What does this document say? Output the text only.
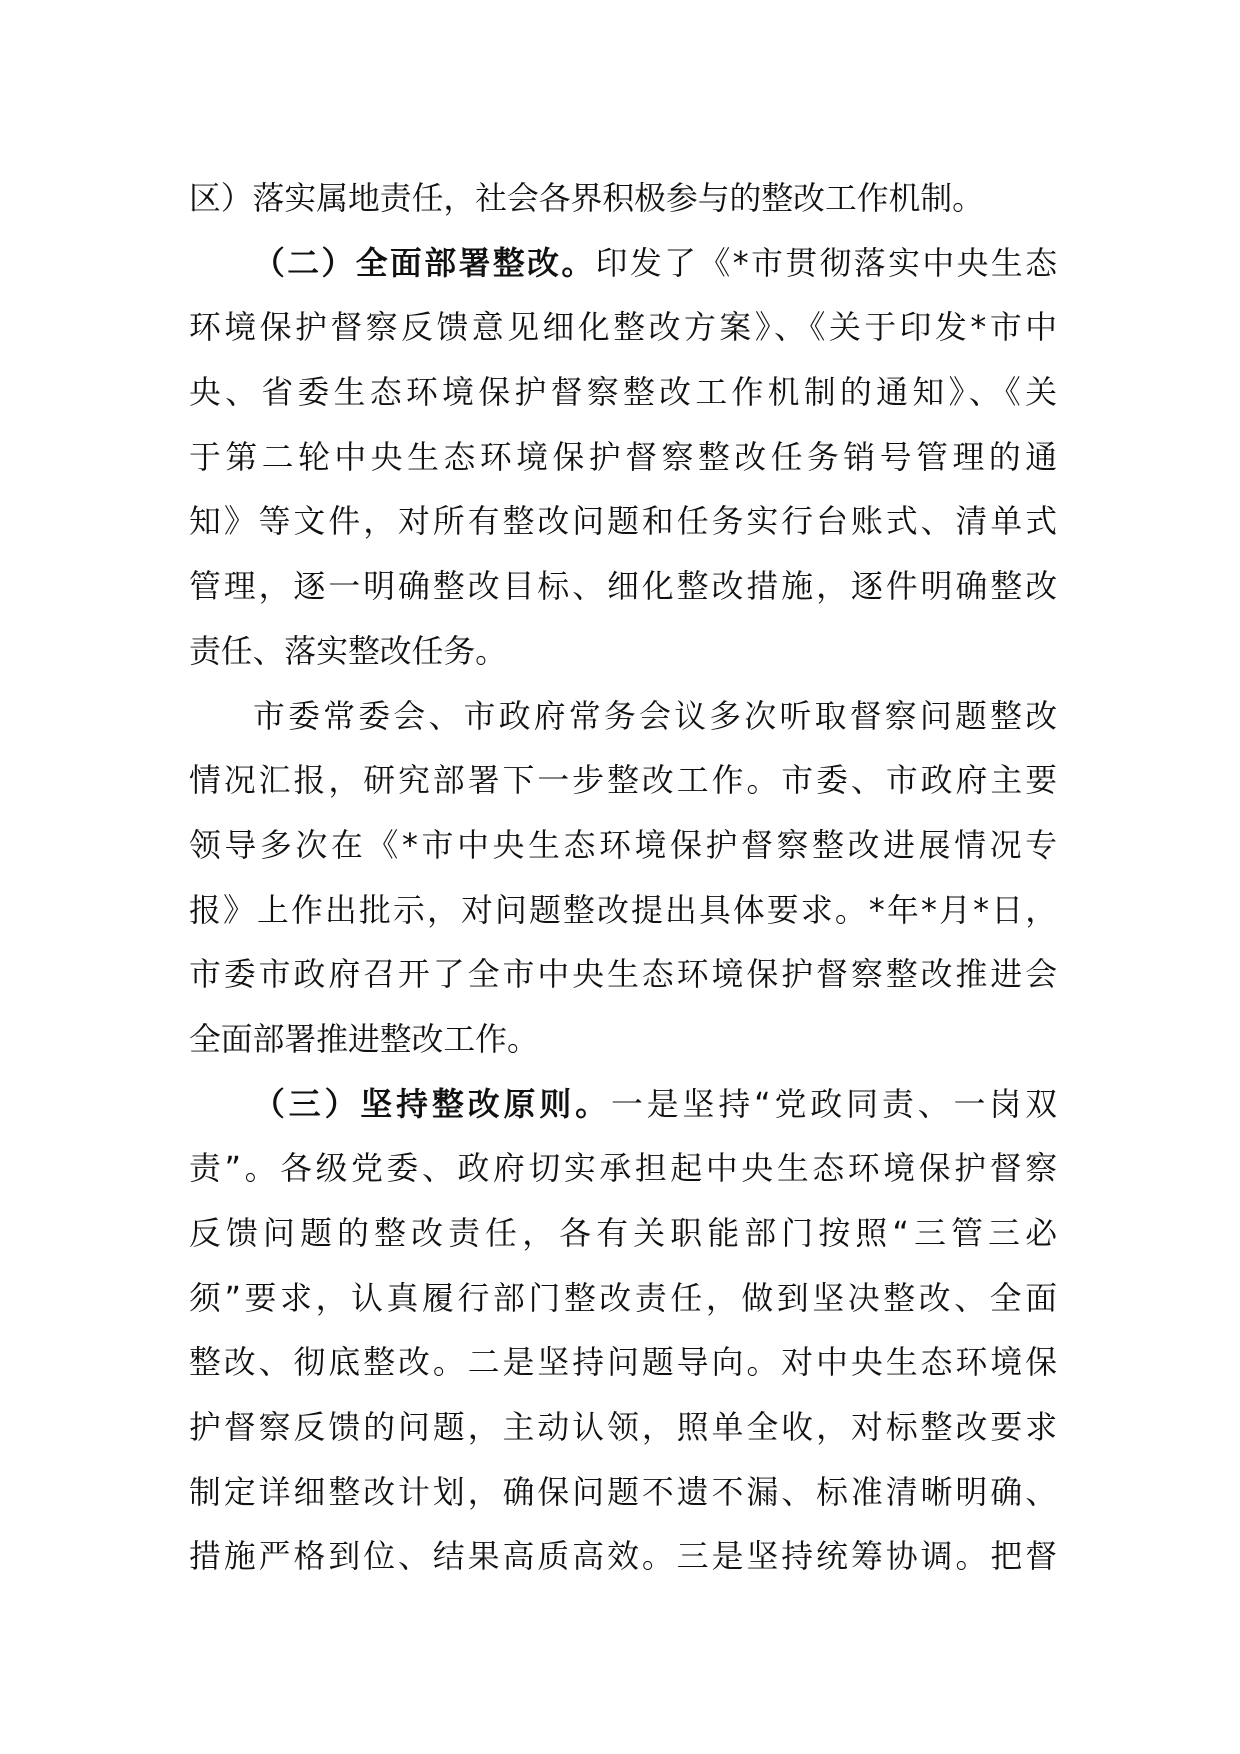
区）落实属地责任，社会各界积极参与的整改工作机制。
（二）全面部署整改。印发了《*市贯彻落实中央生态
环境保护督察反馈意见细化整改方案》、《关于印发*市中
央、省委生态环境保护督察整改工作机制的通知》、《关
于第二轮中央生态环境保护督察整改任务销号管理的通
知》等文件，对所有整改问题和任务实行台账式、清单式
管理，逐一明确整改目标、细化整改措施，逐件明确整改
责任、落实整改任务。
市委常委会、市政府常务会议多次听取督察问题整改
情况汇报，研究部署下一步整改工作。市委、市政府主要
领导多次在《*市中央生态环境保护督察整改进展情况专
报》上作出批示，对问题整改提出具体要求。*年*月*日，
市委市政府召开了全市中央生态环境保护督察整改推进会
全面部署推进整改工作。
（三）坚持整改原则。一是坚持“党政同责、一岗双
责”。各级党委、政府切实承担起中央生态环境保护督察
反馈问题的整改责任，各有关职能部门按照“三管三必
须”要求，认真履行部门整改责任，做到坚决整改、全面
整改、彻底整改。二是坚持问题导向。对中央生态环境保
护督察反馈的问题，主动认领，照单全收，对标整改要求
制定详细整改计划，确保问题不遗不漏、标准清晰明确、
措施严格到位、结果高质高效。三是坚持统筹协调。把督
